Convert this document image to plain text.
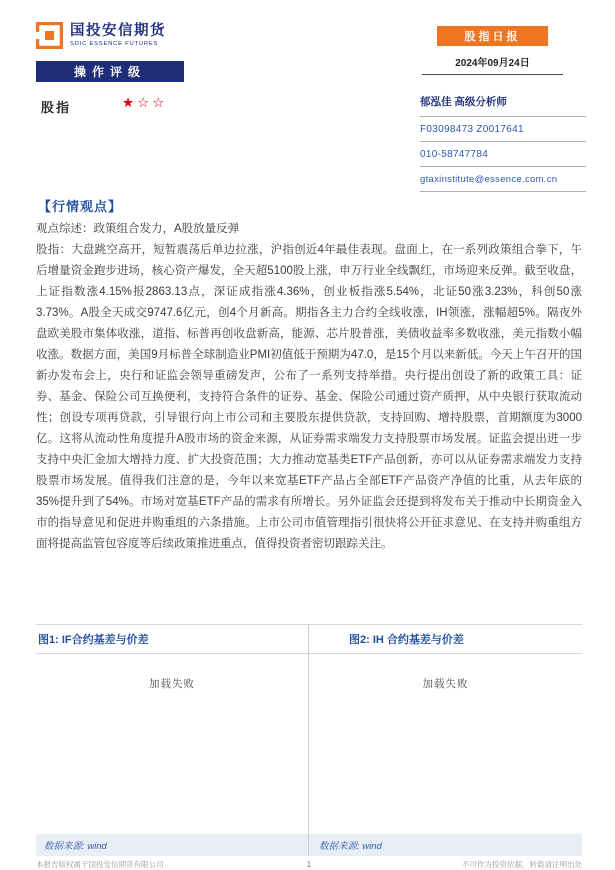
国投安信期货
SDIC ESSENCE FUTURES
股指日报
2024年09月24日
操作评级
股指	★☆☆	郁泓佳 高级分析师
F03098473 Z0017641
010-58747784
gtaxinstitute@essence.com.cn
【行情观点】

观点综述：政策组合发力，A股放量反弹

股指：大盘跳空高开，短暂震荡后单边拉涨，沪指创近4年最佳表现。盘面上，在一系列政策组合拳下，午后增量资金跑步进场，核心资产爆发，全天超5100股上涨，申万行业全线飘红，市场迎来反弹。截至收盘，上证指数涨4.15%报2863.13点，深证成指涨4.36%，创业板指涨5.54%，北证50涨3.23%，科创50涨3.73%。A股全天成交9747.6亿元，创4个月新高。期指各主力合约全线收涨，IH领涨，涨幅超5%。隔夜外盘欧美股市集体收涨，道指、标普再创收盘新高，能源、芯片股普涨，美债收益率多数收涨，美元指数小幅收涨。数据方面，美国9月标普全球制造业PMI初值低于预期为47.0，是15个月以来新低。今天上午召开的国新办发布会上，央行和证监会领导重磅发声，公布了一系列支持举措。央行提出创设了新的政策工具：证券、基金、保险公司互换便利，支持符合条件的证券、基金、保险公司通过资产质押，从中央银行获取流动性；创设专项再贷款，引导银行向上市公司和主要股东提供贷款，支持回购、增持股票，首期额度为3000亿。这将从流动性角度提升A股市场的资金来源，从证券需求端发力支持股票市场发展。证监会提出进一步支持中央汇金加大增持力度、扩大投资范围；大力推动宽基类ETF产品创新，亦可以从证券需求端发力支持股票市场发展。值得我们注意的是，今年以来宽基ETF产品占全部ETF产品资产净值的比重，从去年底的35%提升到了54%。市场对宽基ETF产品的需求有所增长。另外证监会还提到将发布关于推动中长期资金入市的指导意见和促进并购重组的六条措施。上市公司市值管理指引很快将公开征求意见、在支持并购重组方面将提高监管包容度等后续政策推进重点，值得投资者密切跟踪关注。

图1: IF合约基差与价差
加载失败
数据来源: wind
图2: IH 合约基差与价差
加载失败
数据来源: wind
本报告版权属于国投安信期货有限公司	1	不可作为投资依据，转载请注明出处
